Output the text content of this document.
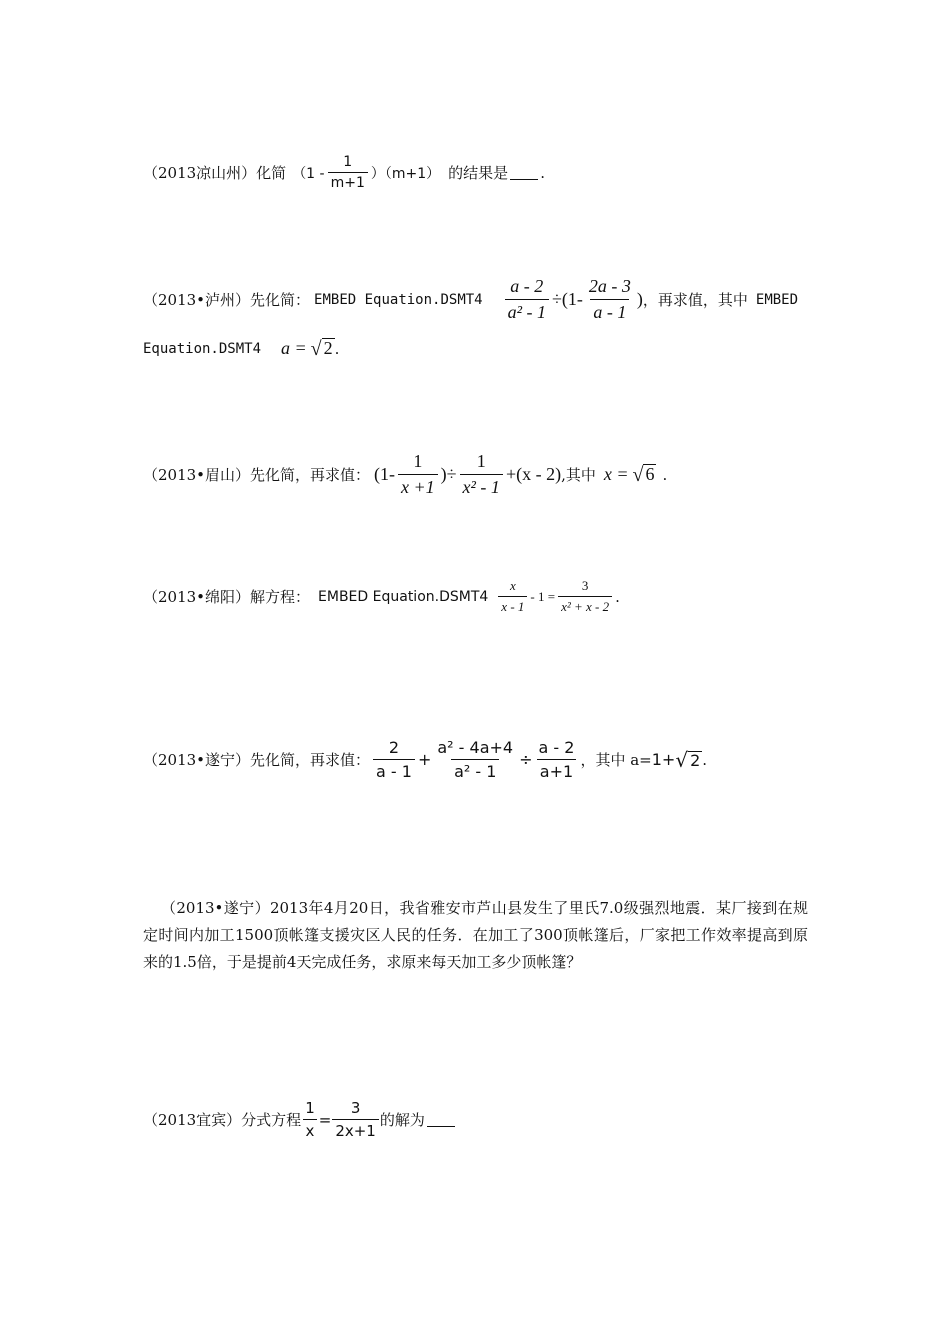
（2013凉山州）化简 $(1 - \frac{1}{m+1} )(m+1)$ 的结果是 .
（2013•泸州）先化简： EMBED Equation.DSMT4 $\frac{a - 2}{\text{a² - 1}} \div(1- \frac{2a - 3}{a - 1}$ ) ，再求值，其中 EMBED
Equation.DSMT4 a = √ 2 .
（2013•眉山）先化简，再求值： ($1- \frac{1}{x +1}$ )÷ $\frac{1}{\text{x² - 1}} +(x - 2)$ ,其中 x = √ 6 .
（2013•绵阳）解方程： EMBED Equation.DSMT4 $\frac{x}{x - 1} - 1 = \frac{3}{\text{x² + x - 2}}$ .
（2013•遂宁）先化简，再求值： $\frac{2}{a - 1} + \frac{\text{a² - 4a+4}}{\text{a² - 1}} \div \frac{a - 2}{a+1}$ ，其中 a= 1+ √ 2 .
（2013•遂宁）2013年4月20日，我省雅安市芦山县发生了里氏7.0级强烈地震．某厂接到在规定时间内加工1500顶帐篷支援灾区人民的任务．在加工了300顶帐篷后，厂家把工作效率提高到原来的1.5倍，于是提前4天完成任务，求原来每天加工多少顶帐篷？
（2013宜宾）分式方程 $\frac{1}{x} = \frac{3}{2x+1}$ 的解为
